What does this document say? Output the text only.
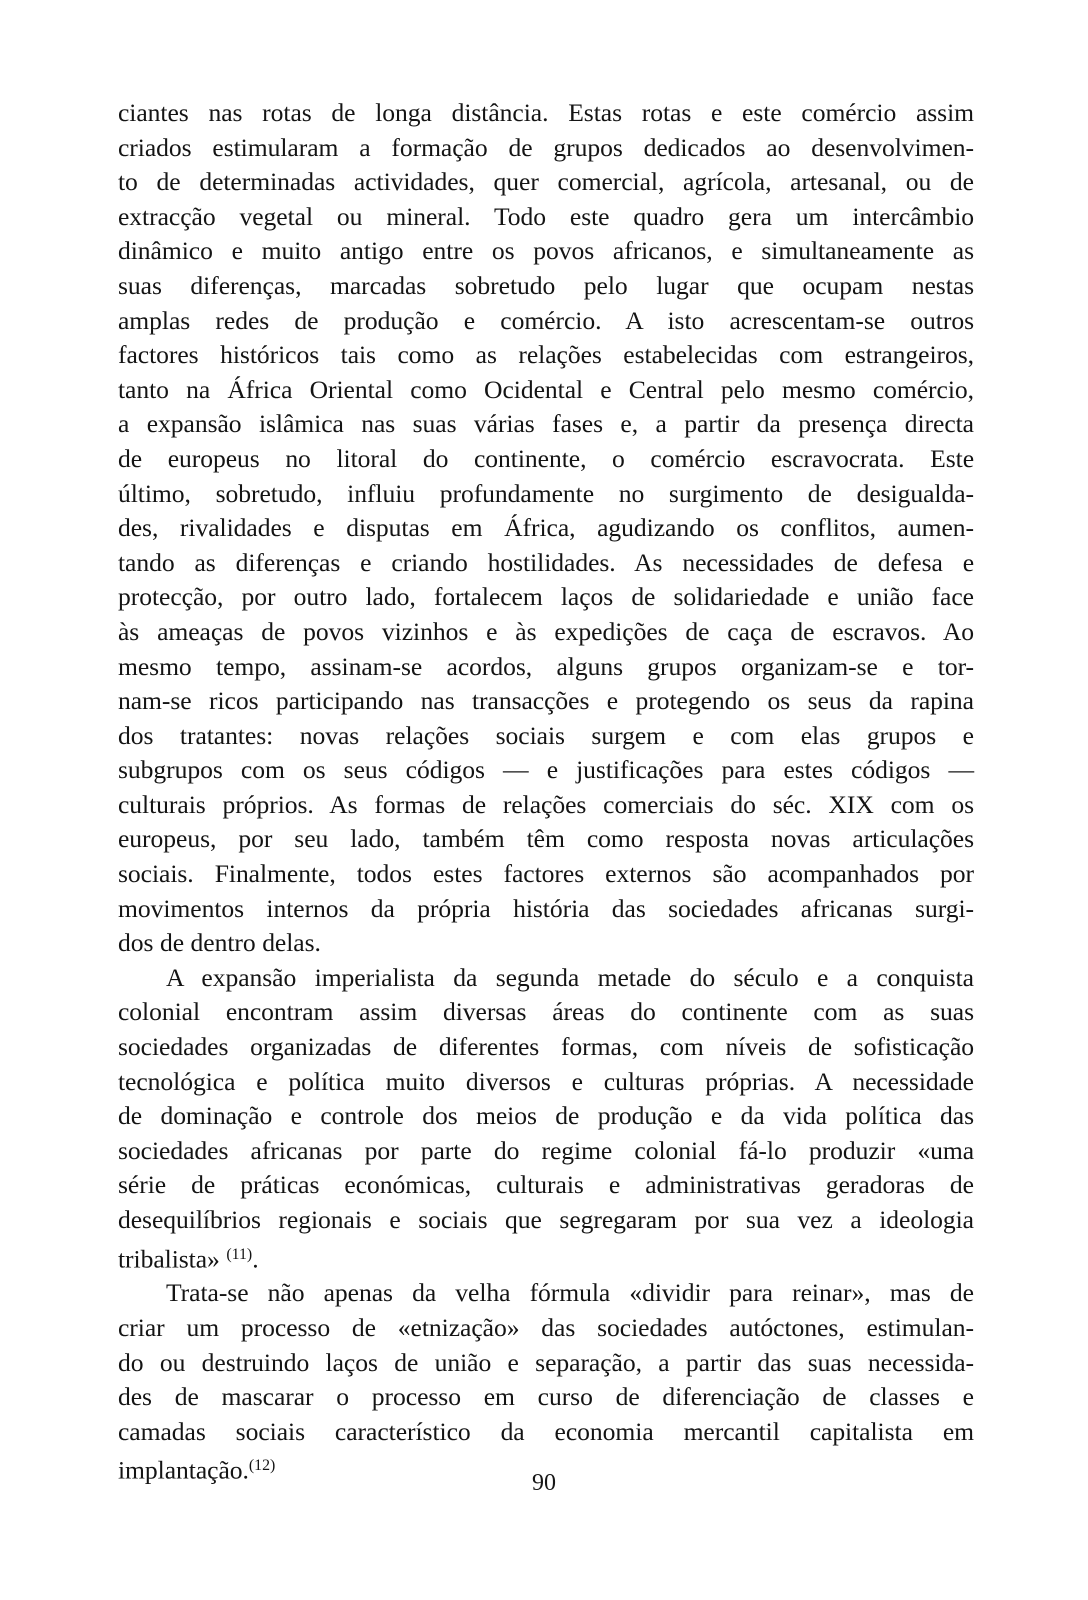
ciantes nas rotas de longa distância. Estas rotas e este comércio assim
criados estimularam a formação de grupos dedicados ao desenvolvimen-
to de determinadas actividades, quer comercial, agrícola, artesanal, ou de
extracção vegetal ou mineral. Todo este quadro gera um intercâmbio
dinâmico e muito antigo entre os povos africanos, e simultaneamente as
suas diferenças, marcadas sobretudo pelo lugar que ocupam nestas
amplas redes de produção e comércio. A isto acrescentam-se outros
factores históricos tais como as relações estabelecidas com estrangeiros,
tanto na África Oriental como Ocidental e Central pelo mesmo comércio,
a expansão islâmica nas suas várias fases e, a partir da presença directa
de europeus no litoral do continente, o comércio escravocrata. Este
último, sobretudo, influiu profundamente no surgimento de desigualda-
des, rivalidades e disputas em África, agudizando os conflitos, aumen-
tando as diferenças e criando hostilidades. As necessidades de defesa e
protecção, por outro lado, fortalecem laços de solidariedade e união face
às ameaças de povos vizinhos e às expedições de caça de escravos. Ao
mesmo tempo, assinam-se acordos, alguns grupos organizam-se e tor-
nam-se ricos participando nas transacções e protegendo os seus da rapina
dos tratantes: novas relações sociais surgem e com elas grupos e
subgrupos com os seus códigos — e justificações para estes códigos —
culturais próprios. As formas de relações comerciais do séc. XIX com os
europeus, por seu lado, também têm como resposta novas articulações
sociais. Finalmente, todos estes factores externos são acompanhados por
movimentos internos da própria história das sociedades africanas surgi-
dos de dentro delas.

A expansão imperialista da segunda metade do século e a conquista
colonial encontram assim diversas áreas do continente com as suas
sociedades organizadas de diferentes formas, com níveis de sofisticação
tecnológica e política muito diversos e culturas próprias. A necessidade
de dominação e controle dos meios de produção e da vida política das
sociedades africanas por parte do regime colonial fá-lo produzir «uma
série de práticas económicas, culturais e administrativas geradoras de
desequilíbrios regionais e sociais que segregaram por sua vez a ideologia
tribalista» $^{(11)}$.

Trata-se não apenas da velha fórmula «dividir para reinar», mas de
criar um processo de «etnização» das sociedades autóctones, estimulan-
do ou destruindo laços de união e separação, a partir das suas necessida-
des de mascarar o processo em curso de diferenciação de classes e
camadas sociais característico da economia mercantil capitalista em
implantação.$^{(12)}$

90
